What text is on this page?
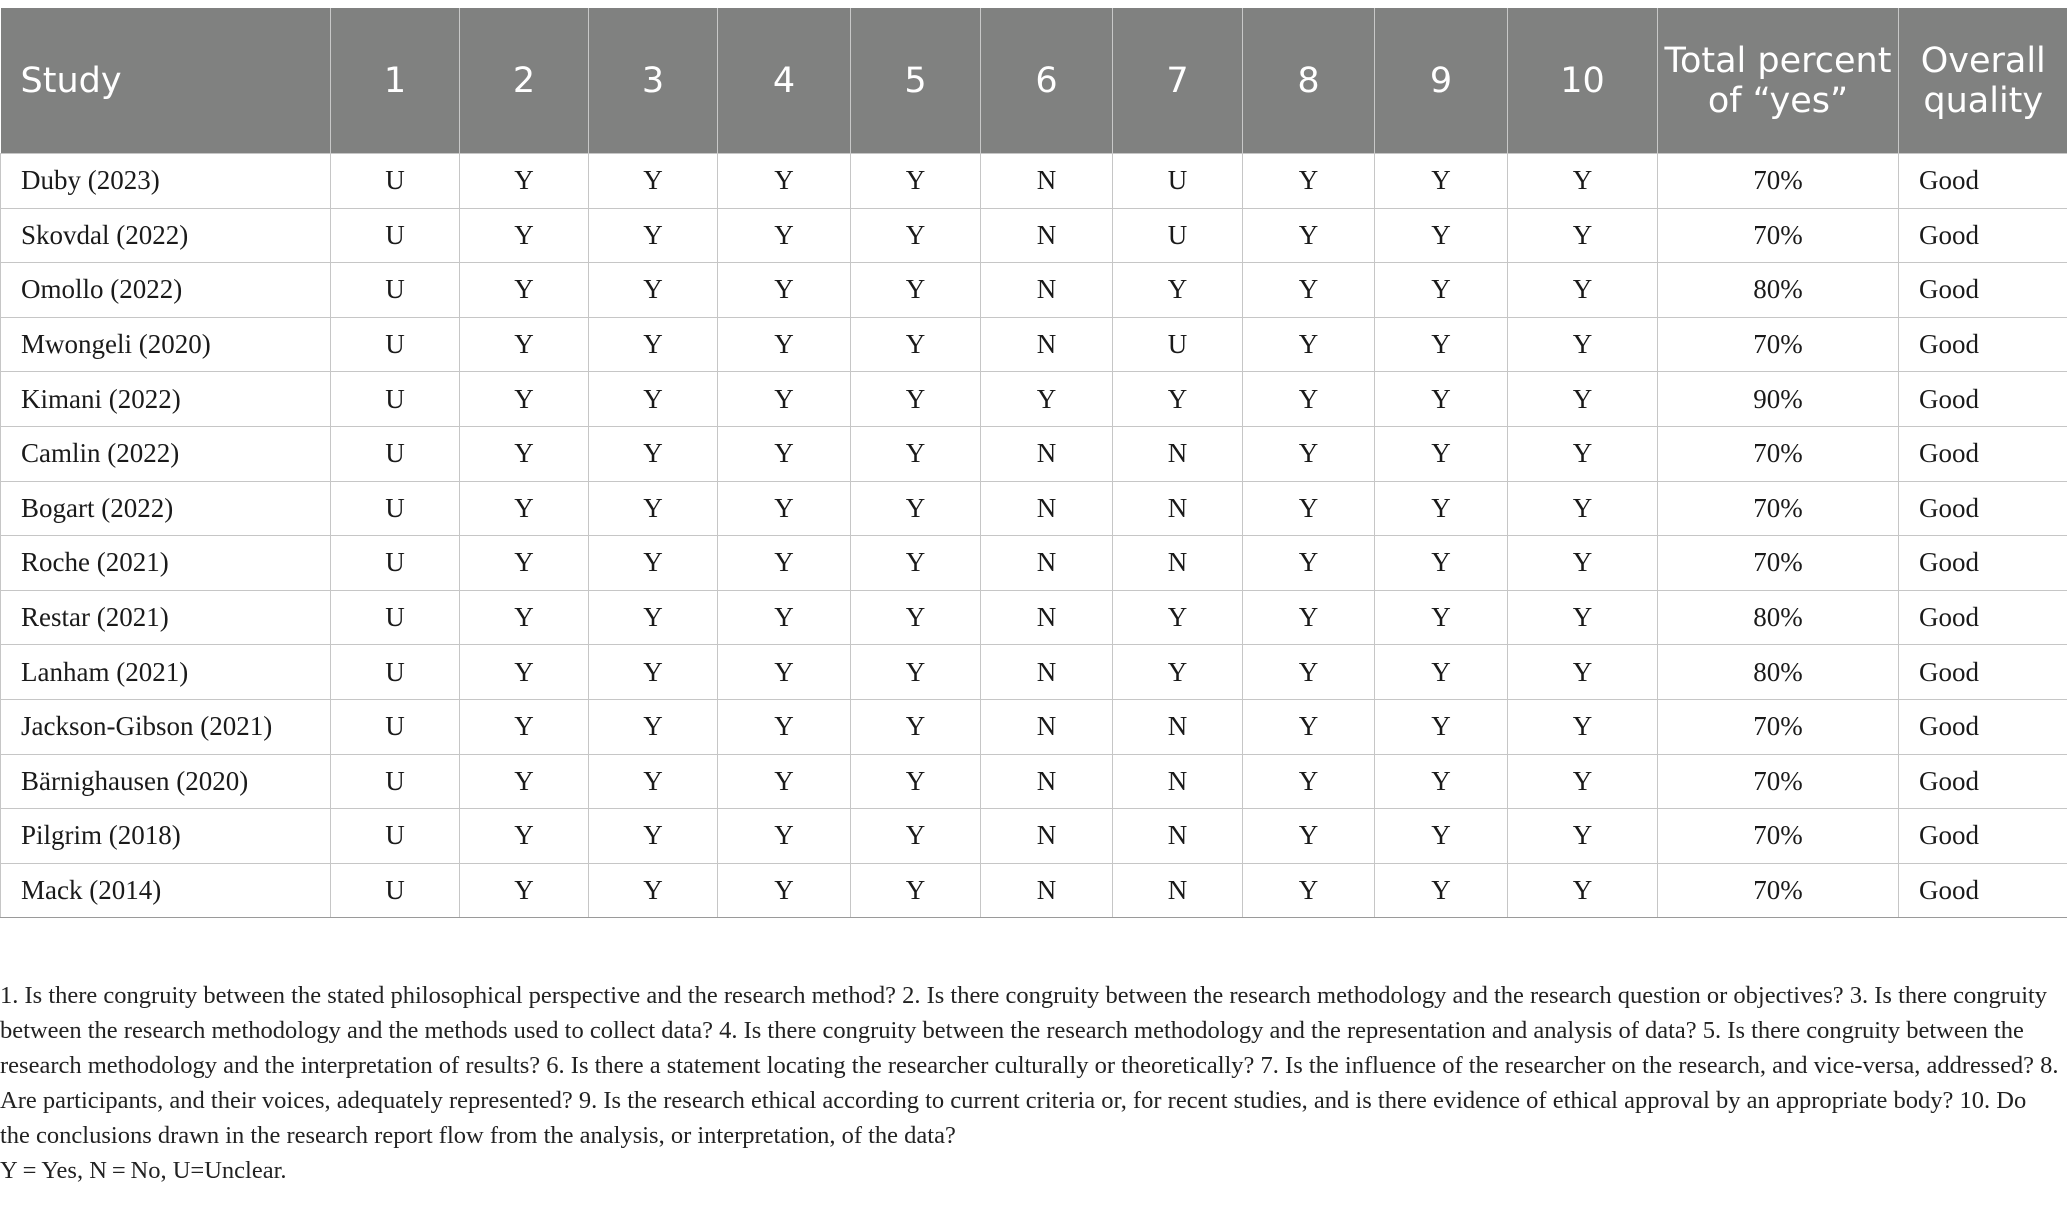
Study	1	2	3	4	5	6	7	8	9	10	Total percent of “yes”	Overall quality
Duby (2023)	U	Y	Y	Y	Y	N	U	Y	Y	Y	70%	Good
Skovdal (2022)	U	Y	Y	Y	Y	N	U	Y	Y	Y	70%	Good
Omollo (2022)	U	Y	Y	Y	Y	N	Y	Y	Y	Y	80%	Good
Mwongeli (2020)	U	Y	Y	Y	Y	N	U	Y	Y	Y	70%	Good
Kimani (2022)	U	Y	Y	Y	Y	Y	Y	Y	Y	Y	90%	Good
Camlin (2022)	U	Y	Y	Y	Y	N	N	Y	Y	Y	70%	Good
Bogart (2022)	U	Y	Y	Y	Y	N	N	Y	Y	Y	70%	Good
Roche (2021)	U	Y	Y	Y	Y	N	N	Y	Y	Y	70%	Good
Restar (2021)	U	Y	Y	Y	Y	N	Y	Y	Y	Y	80%	Good
Lanham (2021)	U	Y	Y	Y	Y	N	Y	Y	Y	Y	80%	Good
Jackson-Gibson (2021)	U	Y	Y	Y	Y	N	N	Y	Y	Y	70%	Good
Bärnighausen (2020)	U	Y	Y	Y	Y	N	N	Y	Y	Y	70%	Good
Pilgrim (2018)	U	Y	Y	Y	Y	N	N	Y	Y	Y	70%	Good
Mack (2014)	U	Y	Y	Y	Y	N	N	Y	Y	Y	70%	Good

1. Is there congruity between the stated philosophical perspective and the research method? 2. Is there congruity between the research methodology and the research question or objectives? 3. Is there congruity between the research methodology and the methods used to collect data? 4. Is there congruity between the research methodology and the representation and analysis of data? 5. Is there congruity between the research methodology and the interpretation of results? 6. Is there a statement locating the researcher culturally or theoretically? 7. Is the influence of the researcher on the research, and vice-versa, addressed? 8. Are participants, and their voices, adequately represented? 9. Is the research ethical according to current criteria or, for recent studies, and is there evidence of ethical approval by an appropriate body? 10. Do the conclusions drawn in the research report flow from the analysis, or interpretation, of the data?

Y = Yes, N = No, U=Unclear.
